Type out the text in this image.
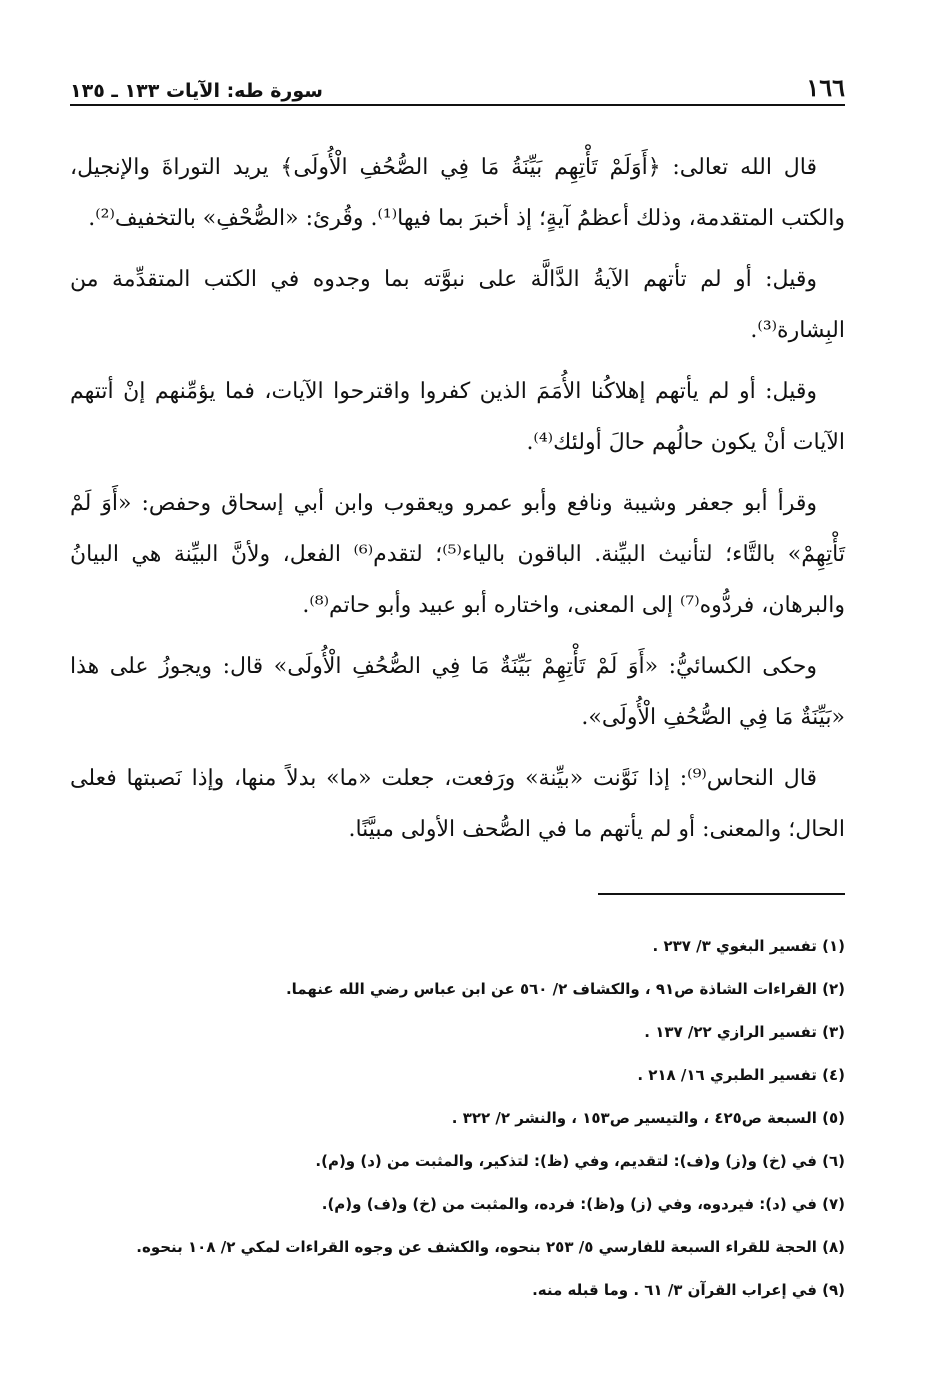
١٦٦
سورة طه: الآيات ١٣٣ ـ ١٣٥

قال الله تعالى: ﴿أَوَلَمْ تَأْتِهِم بَيِّنَةُ مَا فِي الصُّحُفِ الْأُولَى﴾ يريد التوراةَ والإنجيل، والكتب المتقدمة، وذلك أعظمُ آيةٍ؛ إذ أخبرَ بما فيها⁽¹⁾. وقُرئ: «الصُّحْفِ» بالتخفيف⁽²⁾.

وقيل: أو لم تأتهم الآيةُ الدَّالَّة على نبوَّته بما وجدوه في الكتب المتقدِّمة من البِشارة⁽³⁾.

وقيل: أو لم يأتهم إهلاكُنا الأُمَمَ الذين كفروا واقترحوا الآيات، فما يؤمِّنهم إنْ أتتهم الآيات أنْ يكون حالُهم حالَ أولئك⁽⁴⁾.

وقرأ أبو جعفر وشيبة ونافع وأبو عمرو ويعقوب وابن أبي إسحاق وحفص: «أَوَ لَمْ تَأْتِهِمْ» بالتَّاء؛ لتأنيث البيِّنة. الباقون بالياء⁽⁵⁾؛ لتقدم⁽⁶⁾ الفعل، ولأنَّ البيِّنة هي البيانُ والبرهان، فردُّوه⁽⁷⁾ إلى المعنى، واختاره أبو عبيد وأبو حاتم⁽⁸⁾.

وحكى الكسائيُّ: «أَوَ لَمْ تَأْتِهِمْ بَيِّنَةٌ مَا فِي الصُّحُفِ الْأُولَى» قال: ويجوزُ على هذا «بَيِّنَةٌ مَا فِي الصُّحُفِ الْأُولَى».

قال النحاس⁽⁹⁾: إذا نَوَّنت «بيِّنة» ورَفعت، جعلت «ما» بدلاً منها، وإذا نَصبتها فعلى الحال؛ والمعنى: أو لم يأتهم ما في الصُّحف الأولى مبيَّنًا.

(١) تفسير البغوي ٣/ ٢٣٧ .
(٢) القراءات الشاذة ص٩١ ، والكشاف ٢/ ٥٦٠ عن ابن عباس رضي الله عنهما.
(٣) تفسير الرازي ٢٢/ ١٣٧ .
(٤) تفسير الطبري ١٦/ ٢١٨ .
(٥) السبعة ص٤٢٥ ، والتيسير ص١٥٣ ، والنشر ٢/ ٣٢٢ .
(٦) في (خ) و(ز) و(ف): لتقديم، وفي (ظ): لتذكير، والمثبت من (د) و(م).
(٧) في (د): فيردوه، وفي (ز) و(ظ): فرده، والمثبت من (خ) و(ف) و(م).
(٨) الحجة للقراء السبعة للفارسي ٥/ ٢٥٣ بنحوه، والكشف عن وجوه القراءات لمكي ٢/ ١٠٨ بنحوه.
(٩) في إعراب القرآن ٣/ ٦١ . وما قبله منه.
